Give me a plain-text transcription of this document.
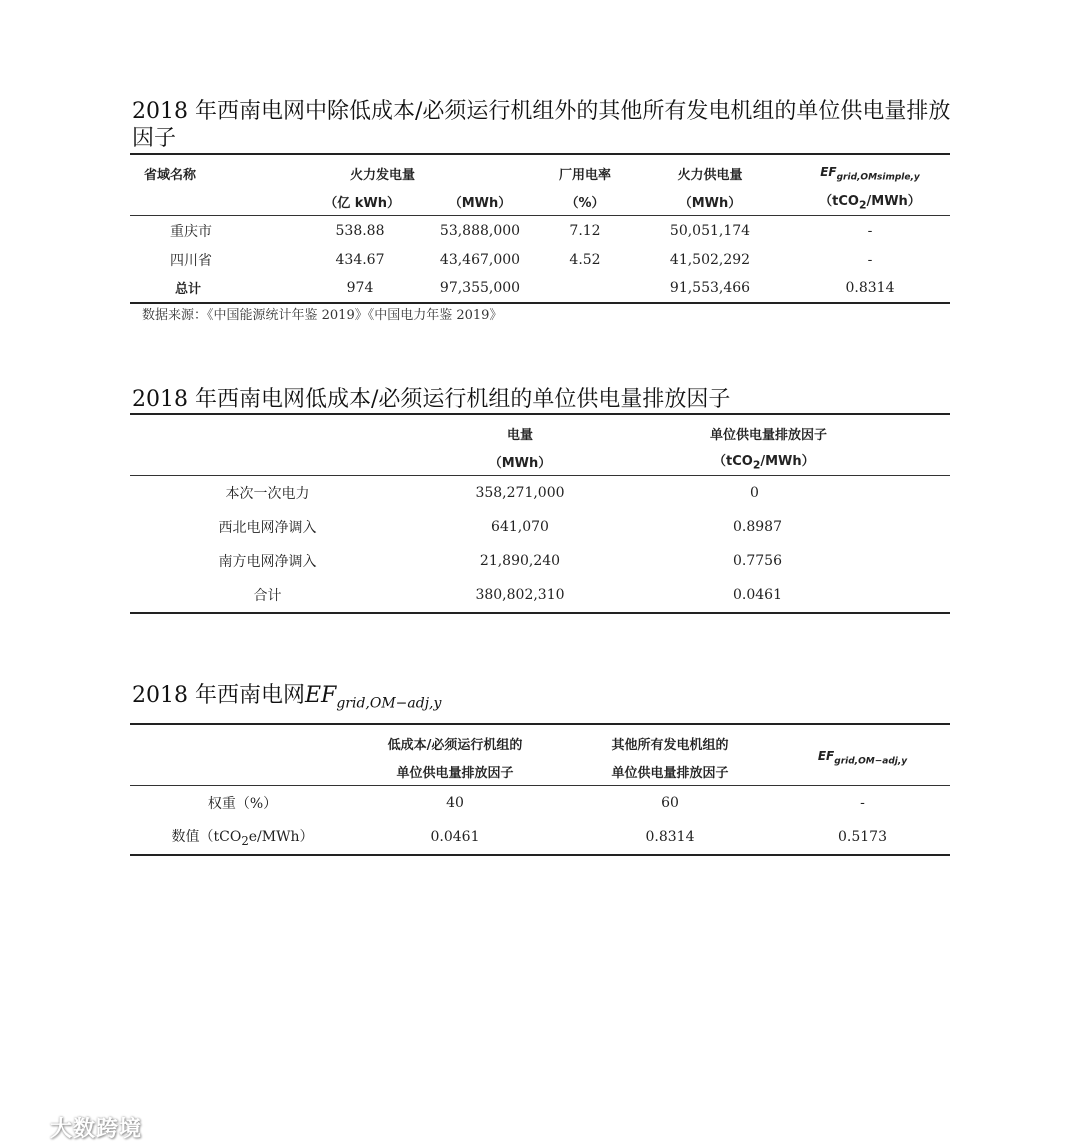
2018 年西南电网中除低成本/必须运行机组外的其他所有发电机组的单位供电量排放
因子
省域名称	火力发电量			厂用电率	火力供电量	$EF_{grid,OMsimple,y}$
	（亿 kWh）		（MWh）	（%）	（MWh）	（tCO$_2$/MWh）
重庆市		538.88	53,888,000	7.12	50,051,174	-
四川省		434.67	43,467,000	4.52	41,502,292	-
总计		974	97,355,000		91,553,466	0.8314
数据来源：《中国能源统计年鉴 2019》《中国电力年鉴 2019》
2018 年西南电网低成本/必须运行机组的单位供电量排放因子
	电量	单位供电量排放因子
	（MWh）	（tCO$_2$/MWh）
本次一次电力	358,271,000	0
西北电网净调入	641,070	0.8987
南方电网净调入	21,890,240	0.7756
合计	380,802,310	0.0461
2018 年西南电网$EF_{grid,OM-adj,y}$
	低成本/必须运行机组的	其他所有发电机组的	$EF_{grid,OM-adj,y}$
	单位供电量排放因子	单位供电量排放因子	
权重（%）	40	60	-
数值（tCO$_2$e/MWh）	0.0461	0.8314	0.5173
大数跨境
